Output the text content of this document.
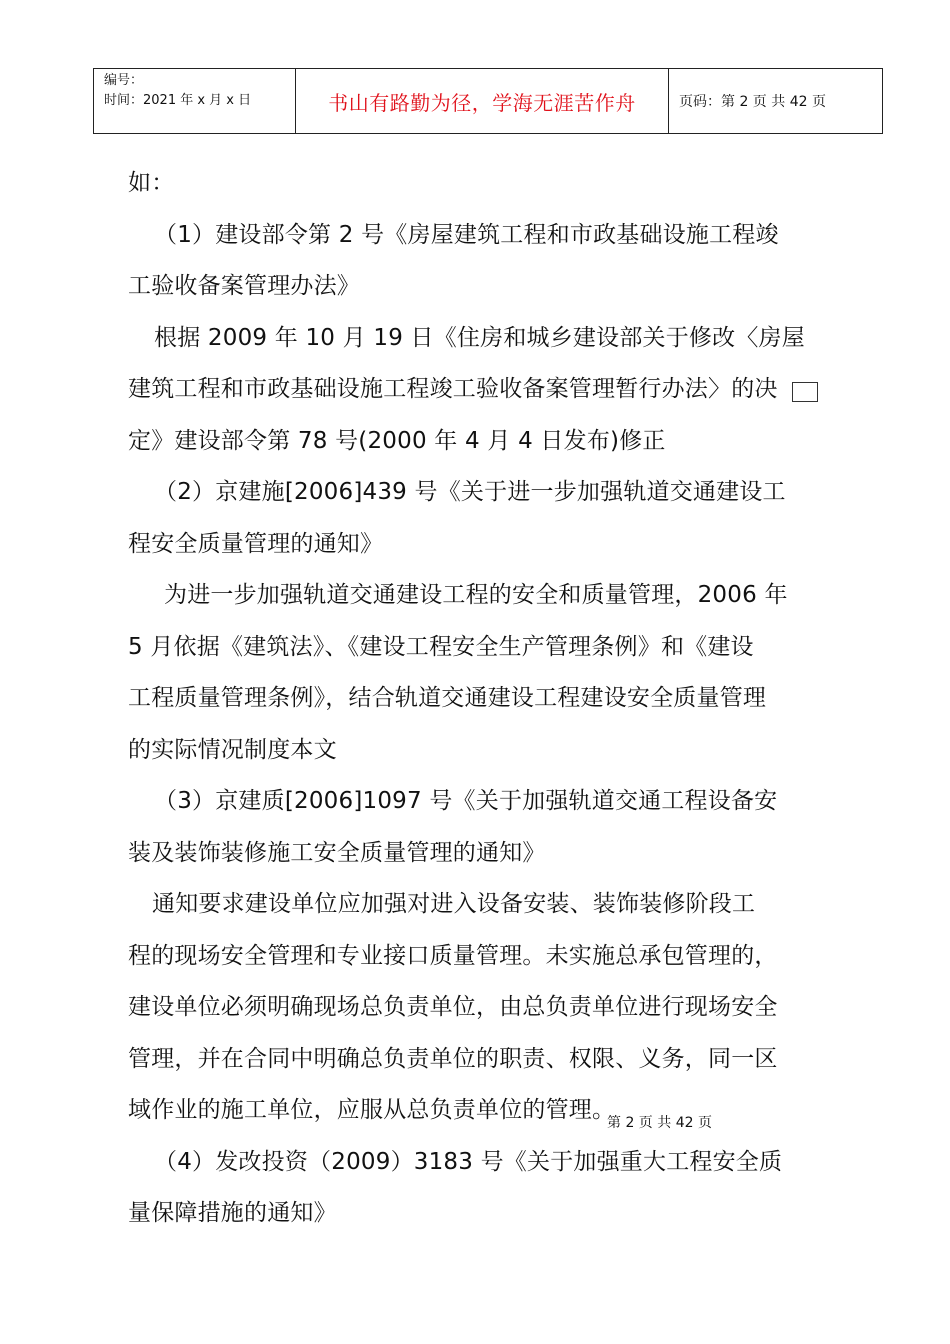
编号：
时间：2021 年 x 月 x 日	书山有路勤为径，学海无涯苦作舟	页码：第 2 页 共 42 页
如：
（1）建设部令第 2 号《房屋建筑工程和市政基础设施工程竣
工验收备案管理办法》
根据 2009 年 10 月 19 日《住房和城乡建设部关于修改〈房屋
建筑工程和市政基础设施工程竣工验收备案管理暂行办法〉的决
定》建设部令第 78 号(2000 年 4 月 4 日发布)修正
（2）京建施[2006]439 号《关于进一步加强轨道交通建设工
程安全质量管理的通知》
为进一步加强轨道交通建设工程的安全和质量管理，2006 年
5 月依据《建筑法》、《建设工程安全生产管理条例》和《建设
工程质量管理条例》，结合轨道交通建设工程建设安全质量管理
的实际情况制度本文
（3）京建质[2006]1097 号《关于加强轨道交通工程设备安
装及装饰装修施工安全质量管理的通知》
通知要求建设单位应加强对进入设备安装、装饰装修阶段工
程的现场安全管理和专业接口质量管理。未实施总承包管理的，
建设单位必须明确现场总负责单位，由总负责单位进行现场安全
管理，并在合同中明确总负责单位的职责、权限、义务，同一区
域作业的施工单位，应服从总负责单位的管理。
（4）发改投资（2009）3183 号《关于加强重大工程安全质
量保障措施的通知》
第 2 页 共 42 页
